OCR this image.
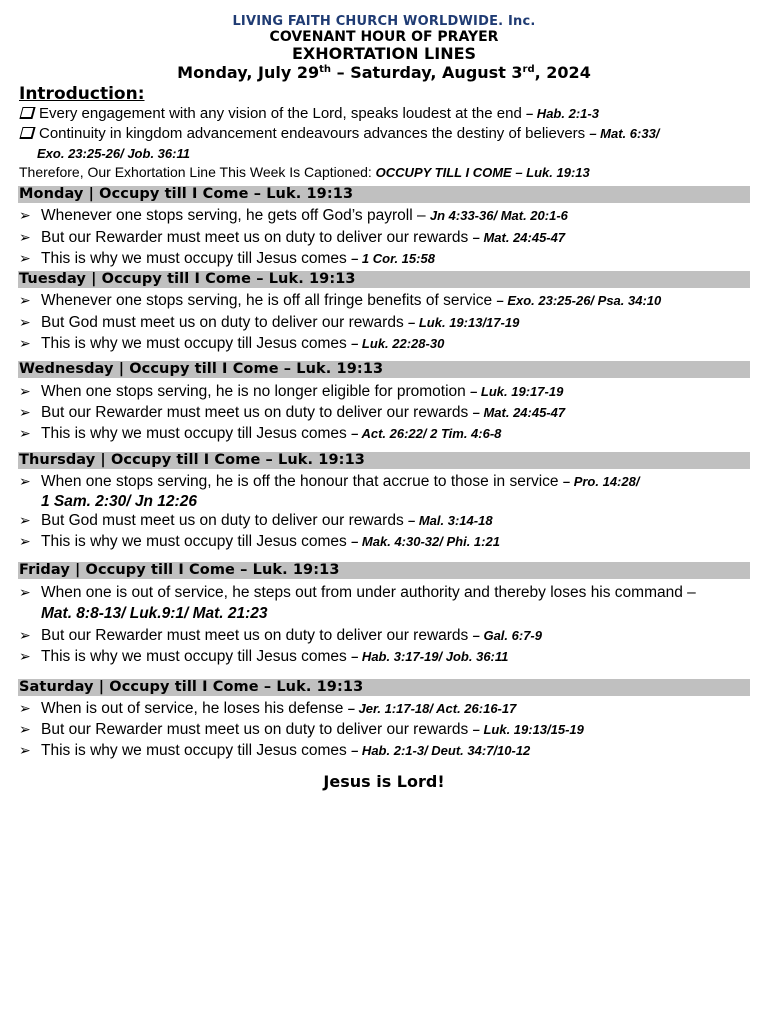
LIVING FAITH CHURCH WORLDWIDE. Inc.
COVENANT HOUR OF PRAYER
EXHORTATION LINES
Monday, July 29th – Saturday, August 3rd, 2024
Introduction:
Every engagement with any vision of the Lord, speaks loudest at the end – Hab. 2:1-3
Continuity in kingdom advancement endeavours advances the destiny of believers – Mat. 6:33/
Exo. 23:25-26/ Job. 36:11
Therefore, Our Exhortation Line This Week Is Captioned: OCCUPY TILL I COME – Luk. 19:13
Monday | Occupy till I Come – Luk. 19:13
➢ Whenever one stops serving, he gets off God’s payroll – Jn 4:33-36/ Mat. 20:1-6
➢ But our Rewarder must meet us on duty to deliver our rewards – Mat. 24:45-47
➢ This is why we must occupy till Jesus comes – 1 Cor. 15:58
Tuesday | Occupy till I Come – Luk. 19:13
➢ Whenever one stops serving, he is off all fringe benefits of service – Exo. 23:25-26/ Psa. 34:10
➢ But God must meet us on duty to deliver our rewards – Luk. 19:13/17-19
➢ This is why we must occupy till Jesus comes – Luk. 22:28-30
Wednesday | Occupy till I Come – Luk. 19:13
➢ When one stops serving, he is no longer eligible for promotion – Luk. 19:17-19
➢ But our Rewarder must meet us on duty to deliver our rewards – Mat. 24:45-47
➢ This is why we must occupy till Jesus comes – Act. 26:22/ 2 Tim. 4:6-8
Thursday | Occupy till I Come – Luk. 19:13
➢ When one stops serving, he is off the honour that accrue to those in service – Pro. 14:28/
1 Sam. 2:30/ Jn 12:26
➢ But God must meet us on duty to deliver our rewards – Mal. 3:14-18
➢ This is why we must occupy till Jesus comes – Mak. 4:30-32/ Phi. 1:21
Friday | Occupy till I Come – Luk. 19:13
➢ When one is out of service, he steps out from under authority and thereby loses his command –
Mat. 8:8-13/ Luk.9:1/ Mat. 21:23
➢ But our Rewarder must meet us on duty to deliver our rewards – Gal. 6:7-9
➢ This is why we must occupy till Jesus comes – Hab. 3:17-19/ Job. 36:11
Saturday | Occupy till I Come – Luk. 19:13
➢ When is out of service, he loses his defense – Jer. 1:17-18/ Act. 26:16-17
➢ But our Rewarder must meet us on duty to deliver our rewards – Luk. 19:13/15-19
➢ This is why we must occupy till Jesus comes – Hab. 2:1-3/ Deut. 34:7/10-12
Jesus is Lord!
